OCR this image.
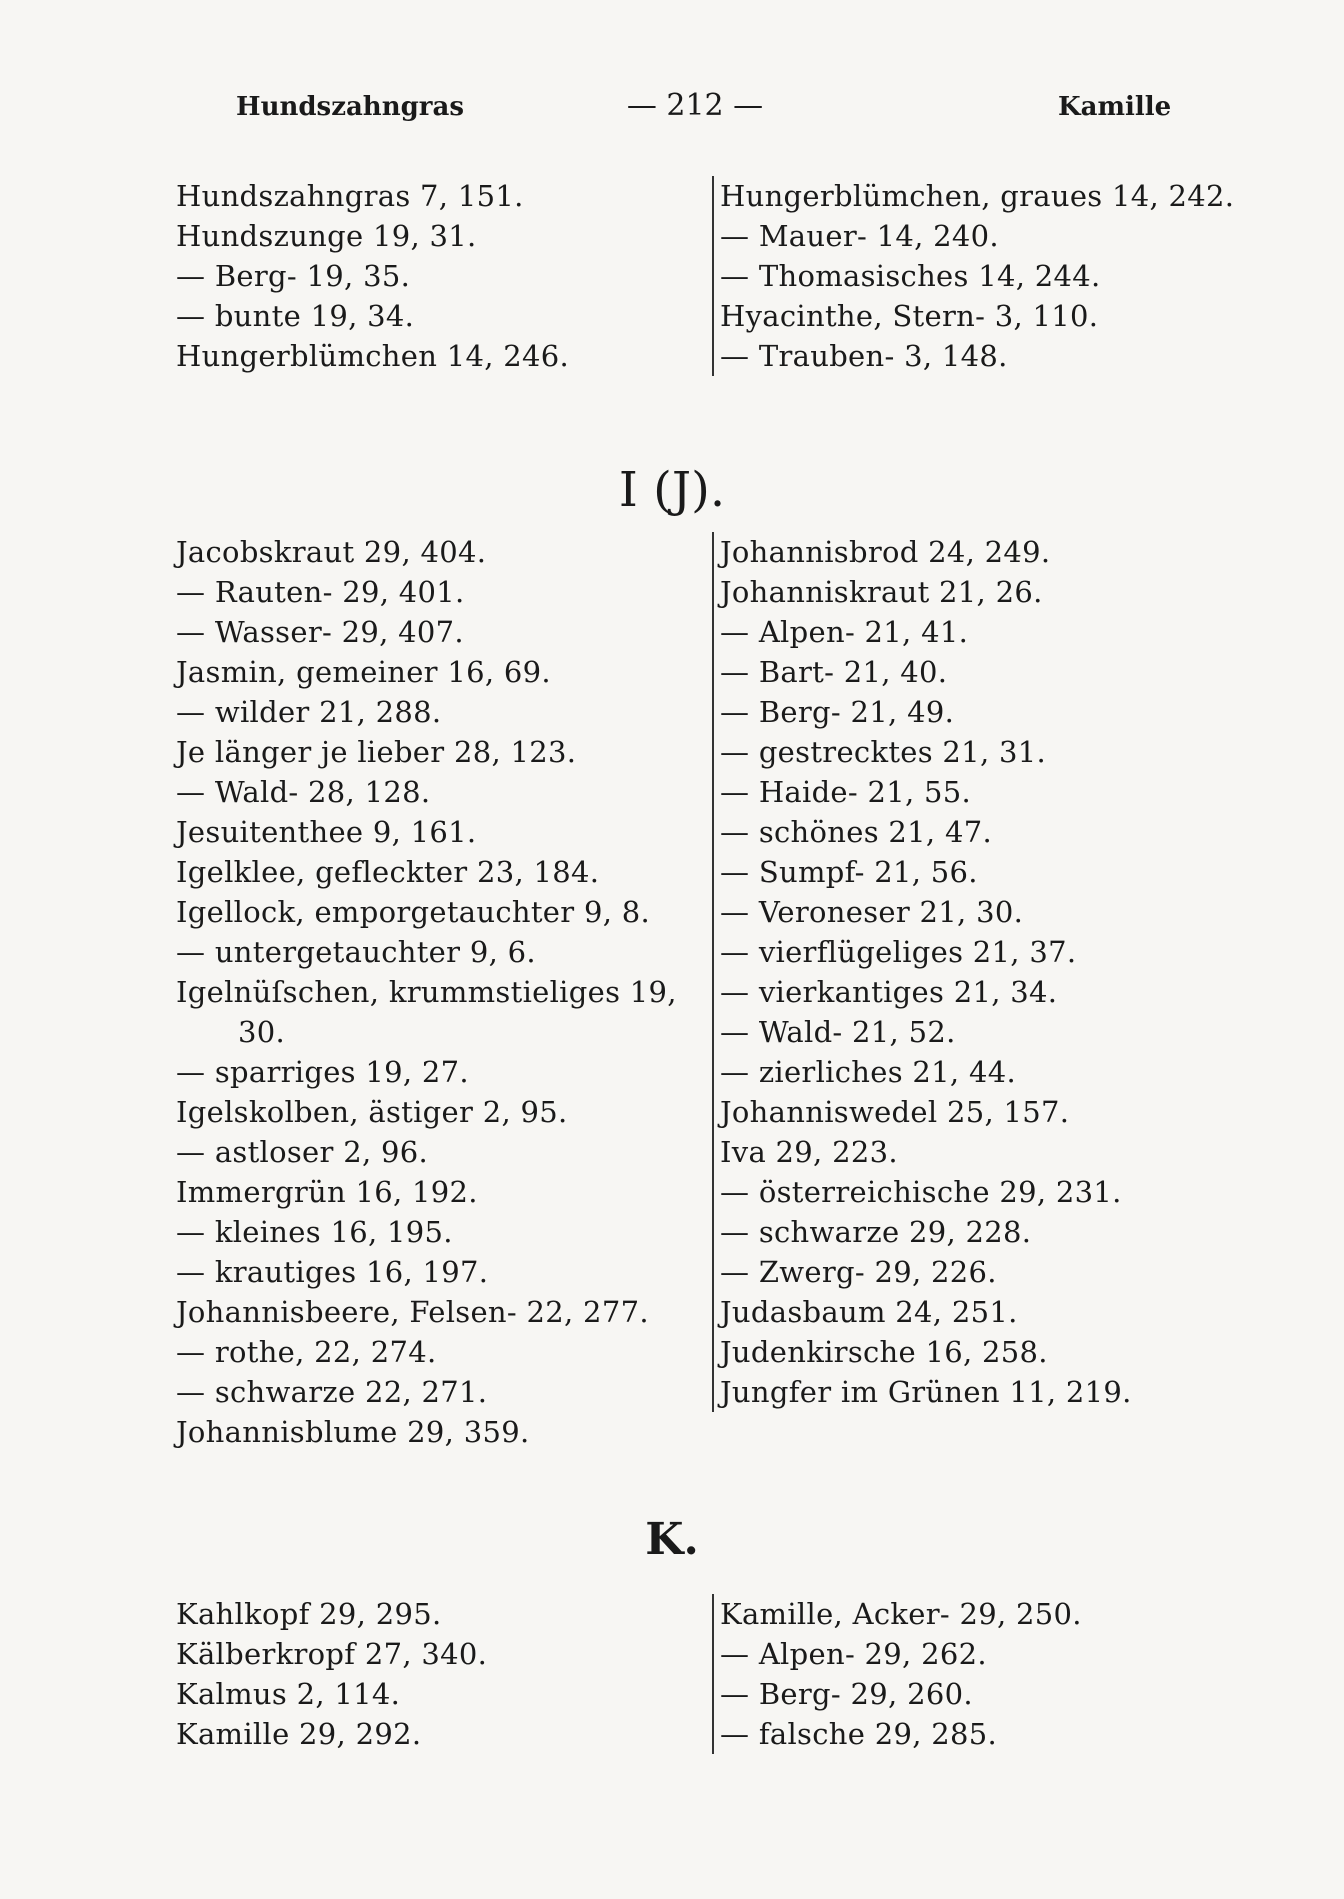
Hundszahngras	— 212 —	Kamille
Hundszahngras 7, 151.
Hundszunge 19, 31.
— Berg- 19, 35.
— bunte 19, 34.
Hungerblümchen 14, 246.
Hungerblümchen, graues 14, 242.
— Mauer- 14, 240.
— Thomasisches 14, 244.
Hyacinthe, Stern- 3, 110.
— Trauben- 3, 148.
I (J).
Jacobskraut 29, 404.
— Rauten- 29, 401.
— Wasser- 29, 407.
Jasmin, gemeiner 16, 69.
— wilder 21, 288.
Je länger je lieber 28, 123.
— Wald- 28, 128.
Jesuitenthee 9, 161.
Igelklee, gefleckter 23, 184.
Igellock, emporgetauchter 9, 8.
— untergetauchter 9, 6.
Igelnüſschen, krummstieliges 19,
30.
— sparriges 19, 27.
Igelskolben, ästiger 2, 95.
— astloser 2, 96.
Immergrün 16, 192.
— kleines 16, 195.
— krautiges 16, 197.
Johannisbeere, Felsen- 22, 277.
— rothe, 22, 274.
— schwarze 22, 271.
Johannisblume 29, 359.
Johannisbrod 24, 249.
Johanniskraut 21, 26.
— Alpen- 21, 41.
— Bart- 21, 40.
— Berg- 21, 49.
— gestrecktes 21, 31.
— Haide- 21, 55.
— schönes 21, 47.
— Sumpf- 21, 56.
— Veroneser 21, 30.
— vierflügeliges 21, 37.
— vierkantiges 21, 34.
— Wald- 21, 52.
— zierliches 21, 44.
Johanniswedel 25, 157.
Iva 29, 223.
— österreichische 29, 231.
— schwarze 29, 228.
— Zwerg- 29, 226.
Judasbaum 24, 251.
Judenkirsche 16, 258.
Jungfer im Grünen 11, 219.
K.
Kahlkopf 29, 295.
Kälberkropf 27, 340.
Kalmus 2, 114.
Kamille 29, 292.
Kamille, Acker- 29, 250.
— Alpen- 29, 262.
— Berg- 29, 260.
— falsche 29, 285.
